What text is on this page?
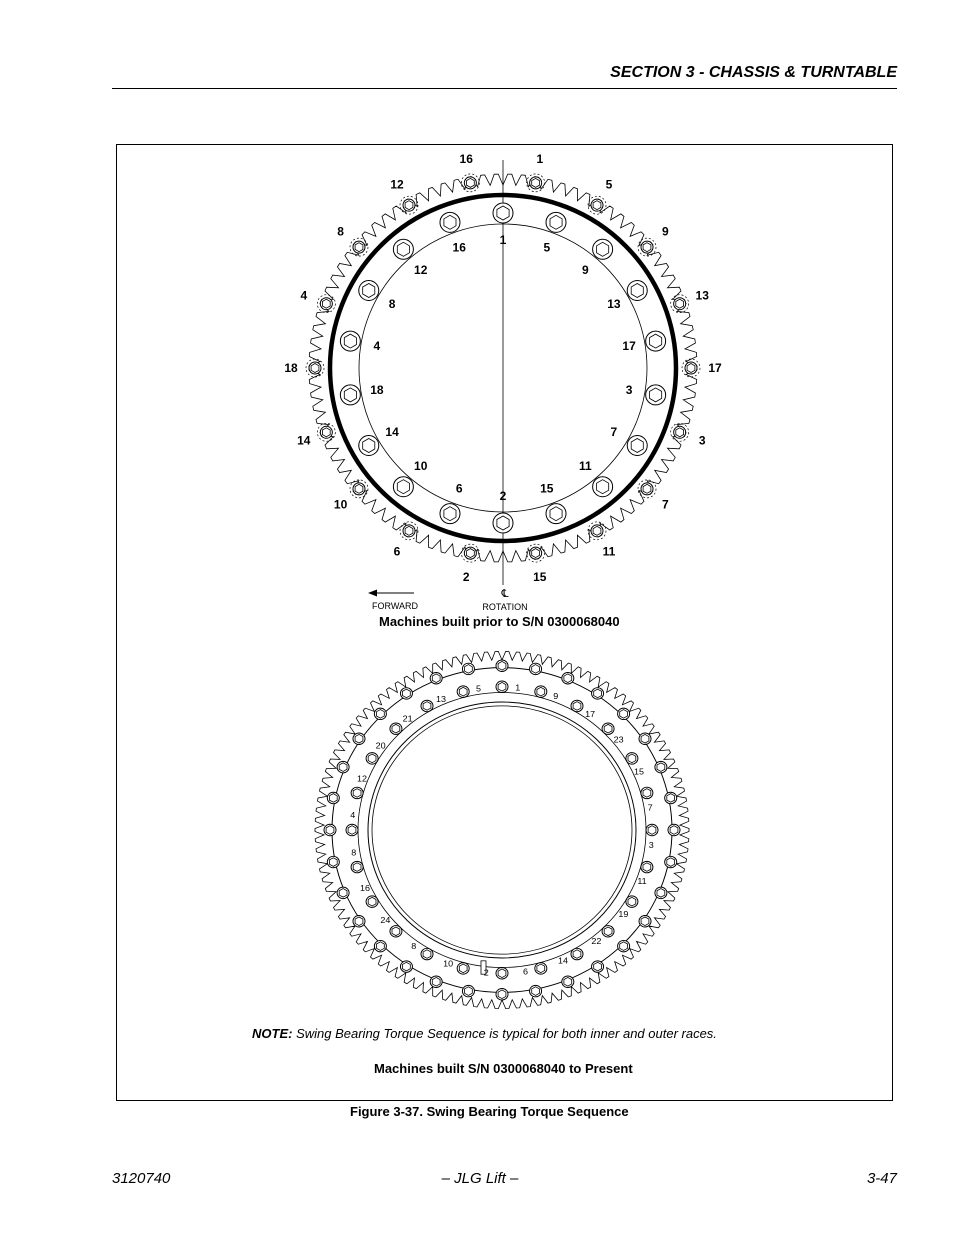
SECTION 3 - CHASSIS & TURNTABLE
1
5
9
13
17
3
7
11
15
2
6
10
14
18
4
8
12
16
1
5
9
13
17
3
7
11
15
2
6
10
14
18
4
8
12
16
1
9
17
23
15
7
3
11
19
22
14
6
2
10
8
24
16
8
4
12
20
21
13
5
FORWARD
℄
ROTATION
Machines built prior to S/N 0300068040
NOTE: Swing Bearing Torque Sequence is typical for both inner and outer races.
Machines built S/N 0300068040 to Present
Figure 3-37. Swing Bearing Torque Sequence
3120740	– JLG Lift –	3-47
